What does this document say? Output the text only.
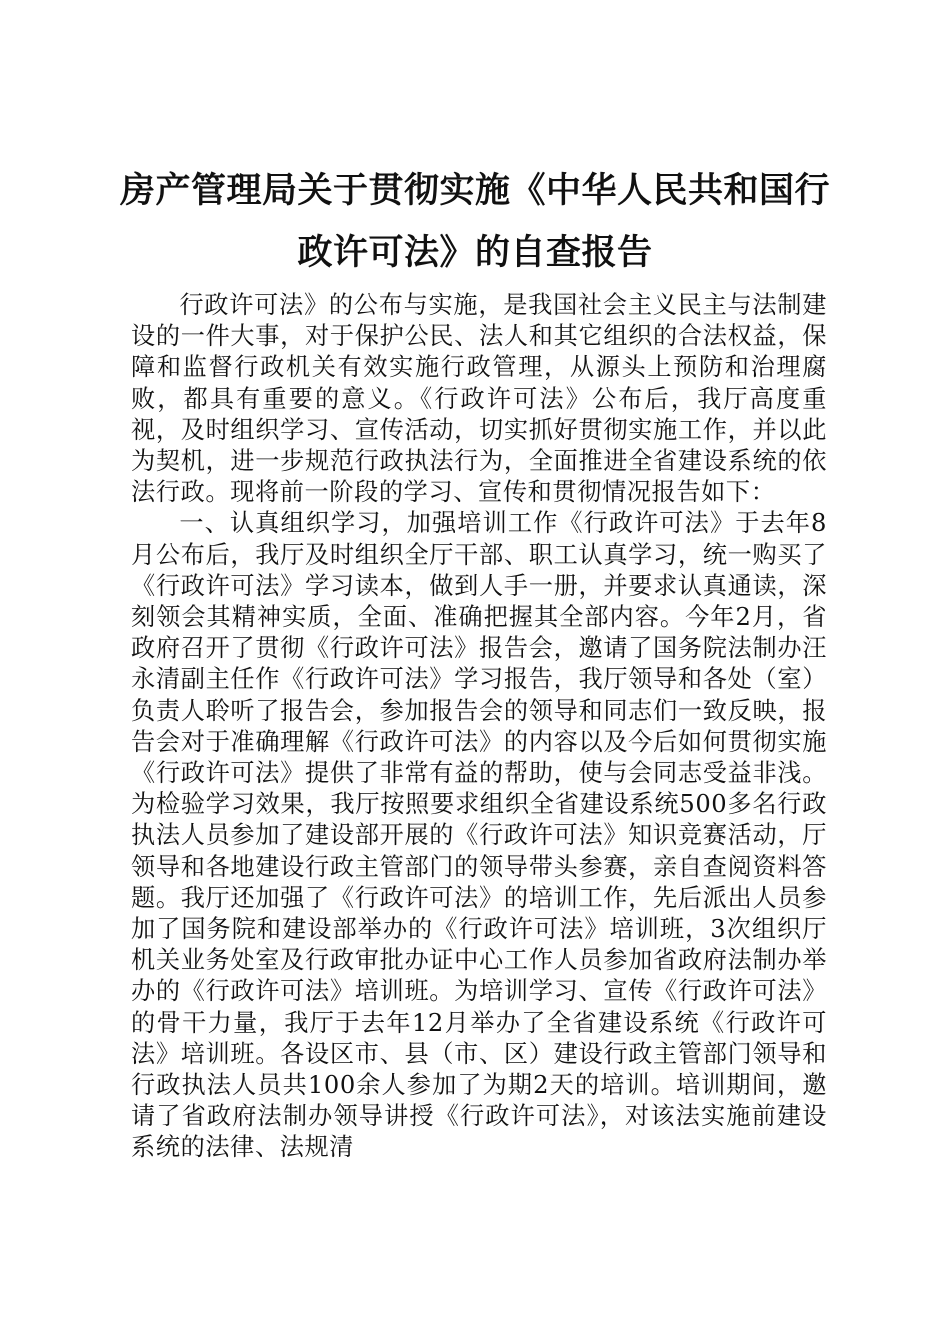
房产管理局关于贯彻实施《中华人民共和国行政许可法》的自查报告

行政许可法》的公布与实施，是我国社会主义民主与法制建设的一件大事，对于保护公民、法人和其它组织的合法权益，保障和监督行政机关有效实施行政管理，从源头上预防和治理腐败，都具有重要的意义。《行政许可法》公布后，我厅高度重视，及时组织学习、宣传活动，切实抓好贯彻实施工作，并以此为契机，进一步规范行政执法行为，全面推进全省建设系统的依法行政。现将前一阶段的学习、宣传和贯彻情况报告如下：

一、认真组织学习，加强培训工作《行政许可法》于去年8月公布后，我厅及时组织全厅干部、职工认真学习，统一购买了《行政许可法》学习读本，做到人手一册，并要求认真通读，深刻领会其精神实质，全面、准确把握其全部内容。今年2月，省政府召开了贯彻《行政许可法》报告会，邀请了国务院法制办汪永清副主任作《行政许可法》学习报告，我厅领导和各处（室）负责人聆听了报告会，参加报告会的领导和同志们一致反映，报告会对于准确理解《行政许可法》的内容以及今后如何贯彻实施《行政许可法》提供了非常有益的帮助，使与会同志受益非浅。为检验学习效果，我厅按照要求组织全省建设系统500多名行政执法人员参加了建设部开展的《行政许可法》知识竞赛活动，厅领导和各地建设行政主管部门的领导带头参赛，亲自查阅资料答题。我厅还加强了《行政许可法》的培训工作，先后派出人员参加了国务院和建设部举办的《行政许可法》培训班，3次组织厅机关业务处室及行政审批办证中心工作人员参加省政府法制办举办的《行政许可法》培训班。为培训学习、宣传《行政许可法》的骨干力量，我厅于去年12月举办了全省建设系统《行政许可法》培训班。各设区市、县（市、区）建设行政主管部门领导和行政执法人员共100余人参加了为期2天的培训。培训期间，邀请了省政府法制办领导讲授《行政许可法》，对该法实施前建设系统的法律、法规清
